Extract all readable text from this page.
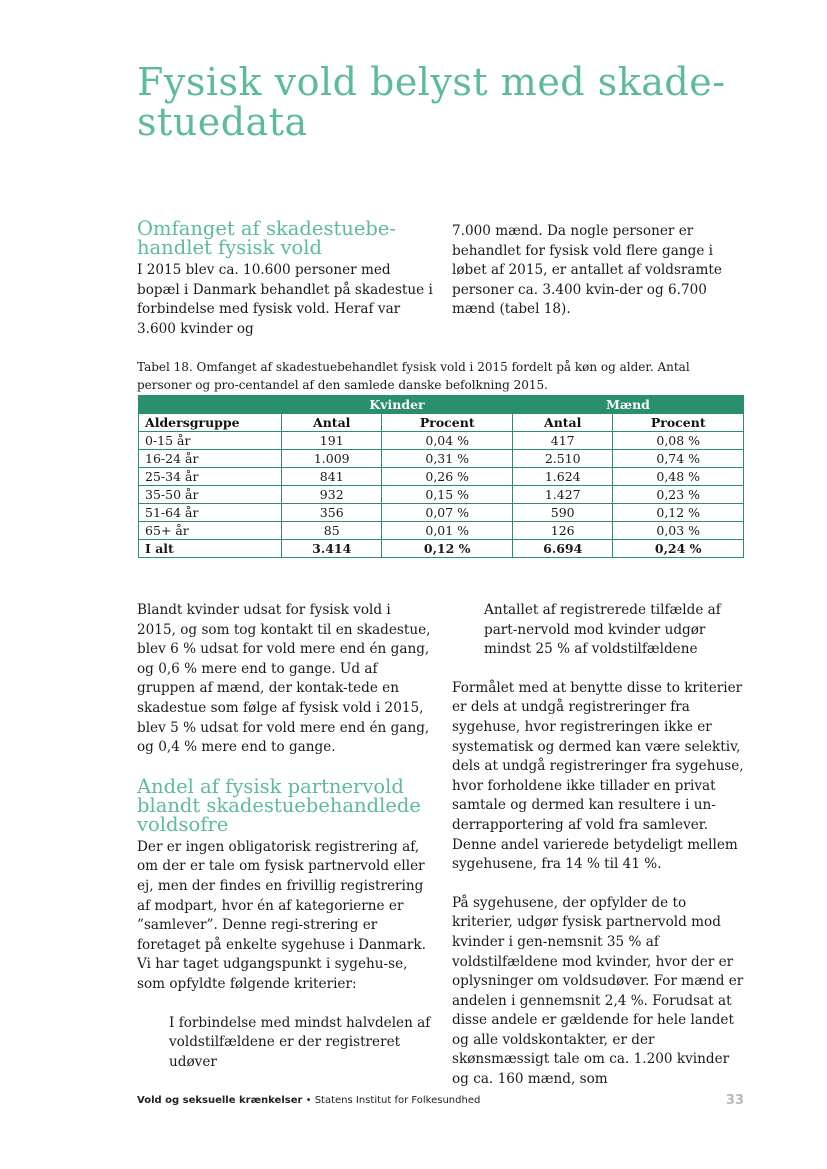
Fysisk vold belyst med skade-stuedata
Omfanget af skadestuebe-handlet fysisk vold
I 2015 blev ca. 10.600 personer med bopæl i Danmark behandlet på skadestue i forbindelse med fysisk vold. Heraf var 3.600 kvinder og
7.000 mænd. Da nogle personer er behandlet for fysisk vold flere gange i løbet af 2015, er antallet af voldsramte personer ca. 3.400 kvin-der og 6.700 mænd (tabel 18).
Tabel 18. Omfanget af skadestuebehandlet fysisk vold i 2015 fordelt på køn og alder. Antal personer og pro-centandel af den samlede danske befolkning 2015.
	Kvinder		Mænd	
Aldersgruppe	Antal	Procent	Antal	Procent
0-15 år	191	0,04 %	417	0,08 %
16-24 år	1.009	0,31 %	2.510	0,74 %
25-34 år	841	0,26 %	1.624	0,48 %
35-50 år	932	0,15 %	1.427	0,23 %
51-64 år	356	0,07 %	590	0,12 %
65+ år	85	0,01 %	126	0,03 %
I alt	3.414	0,12 %	6.694	0,24 %

Blandt kvinder udsat for fysisk vold i 2015, og som tog kontakt til en skadestue, blev 6 % udsat for vold mere end én gang, og 0,6 % mere end to gange. Ud af gruppen af mænd, der kontak-tede en skadestue som følge af fysisk vold i 2015, blev 5 % udsat for vold mere end én gang, og 0,4 % mere end to gange.

Andel af fysisk partnervold blandt skadestuebehandlede voldsofre

Der er ingen obligatorisk registrering af, om der er tale om fysisk partnervold eller ej, men der findes en frivillig registrering af modpart, hvor én af kategorierne er ”samlever”. Denne regi-strering er foretaget på enkelte sygehuse i Danmark. Vi har taget udgangspunkt i sygehu-se, som opfyldte følgende kriterier:

I forbindelse med mindst halvdelen af voldstilfældene er der registreret udøver

Antallet af registrerede tilfælde af part-nervold mod kvinder udgør mindst 25 % af voldstilfældene

Formålet med at benytte disse to kriterier er dels at undgå registreringer fra sygehuse, hvor registreringen ikke er systematisk og dermed kan være selektiv, dels at undgå registreringer fra sygehuse, hvor forholdene ikke tillader en privat samtale og dermed kan resultere i un-derrapportering af vold fra samlever. Denne andel varierede betydeligt mellem sygehusene, fra 14 % til 41 %.

På sygehusene, der opfylder de to kriterier, udgør fysisk partnervold mod kvinder i gen-nemsnit 35 % af voldstilfældene mod kvinder, hvor der er oplysninger om voldsudøver. For mænd er andelen i gennemsnit 2,4 %. Forudsat at disse andele er gældende for hele landet og alle voldskontakter, er der skønsmæssigt tale om ca. 1.200 kvinder og ca. 160 mænd, som

Vold og seksuelle krænkelser • Statens Institut for Folkesundhed	33
